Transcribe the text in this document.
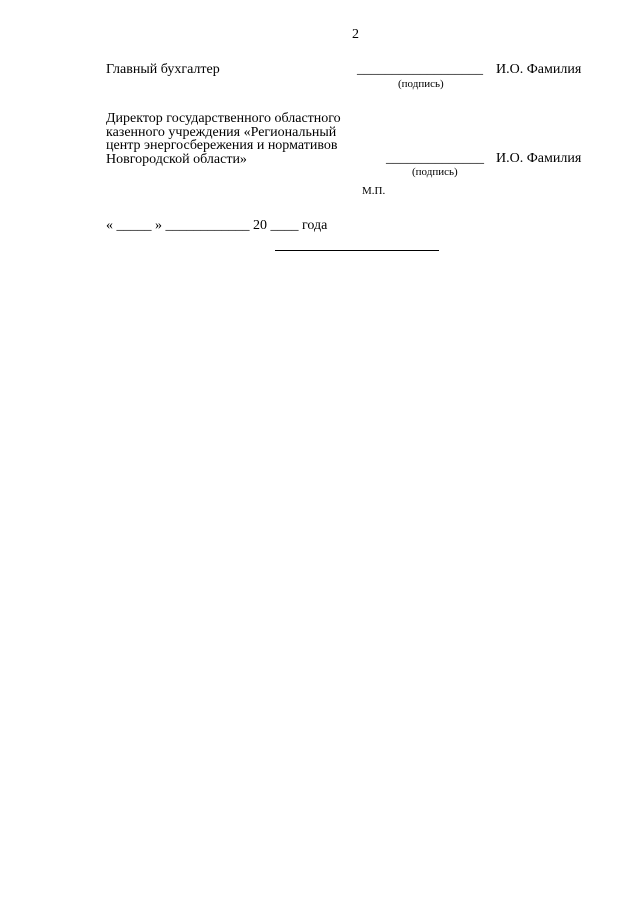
2
Главный бухгалтер	__________________ И.О. Фамилия
(подпись)
Директор государственного областного
казенного учреждения «Региональный
центр энергосбережения и нормативов
Новгородской области»	______________ И.О. Фамилия
(подпись)
М.П.
« _____ » ____________ 20 ____ года
